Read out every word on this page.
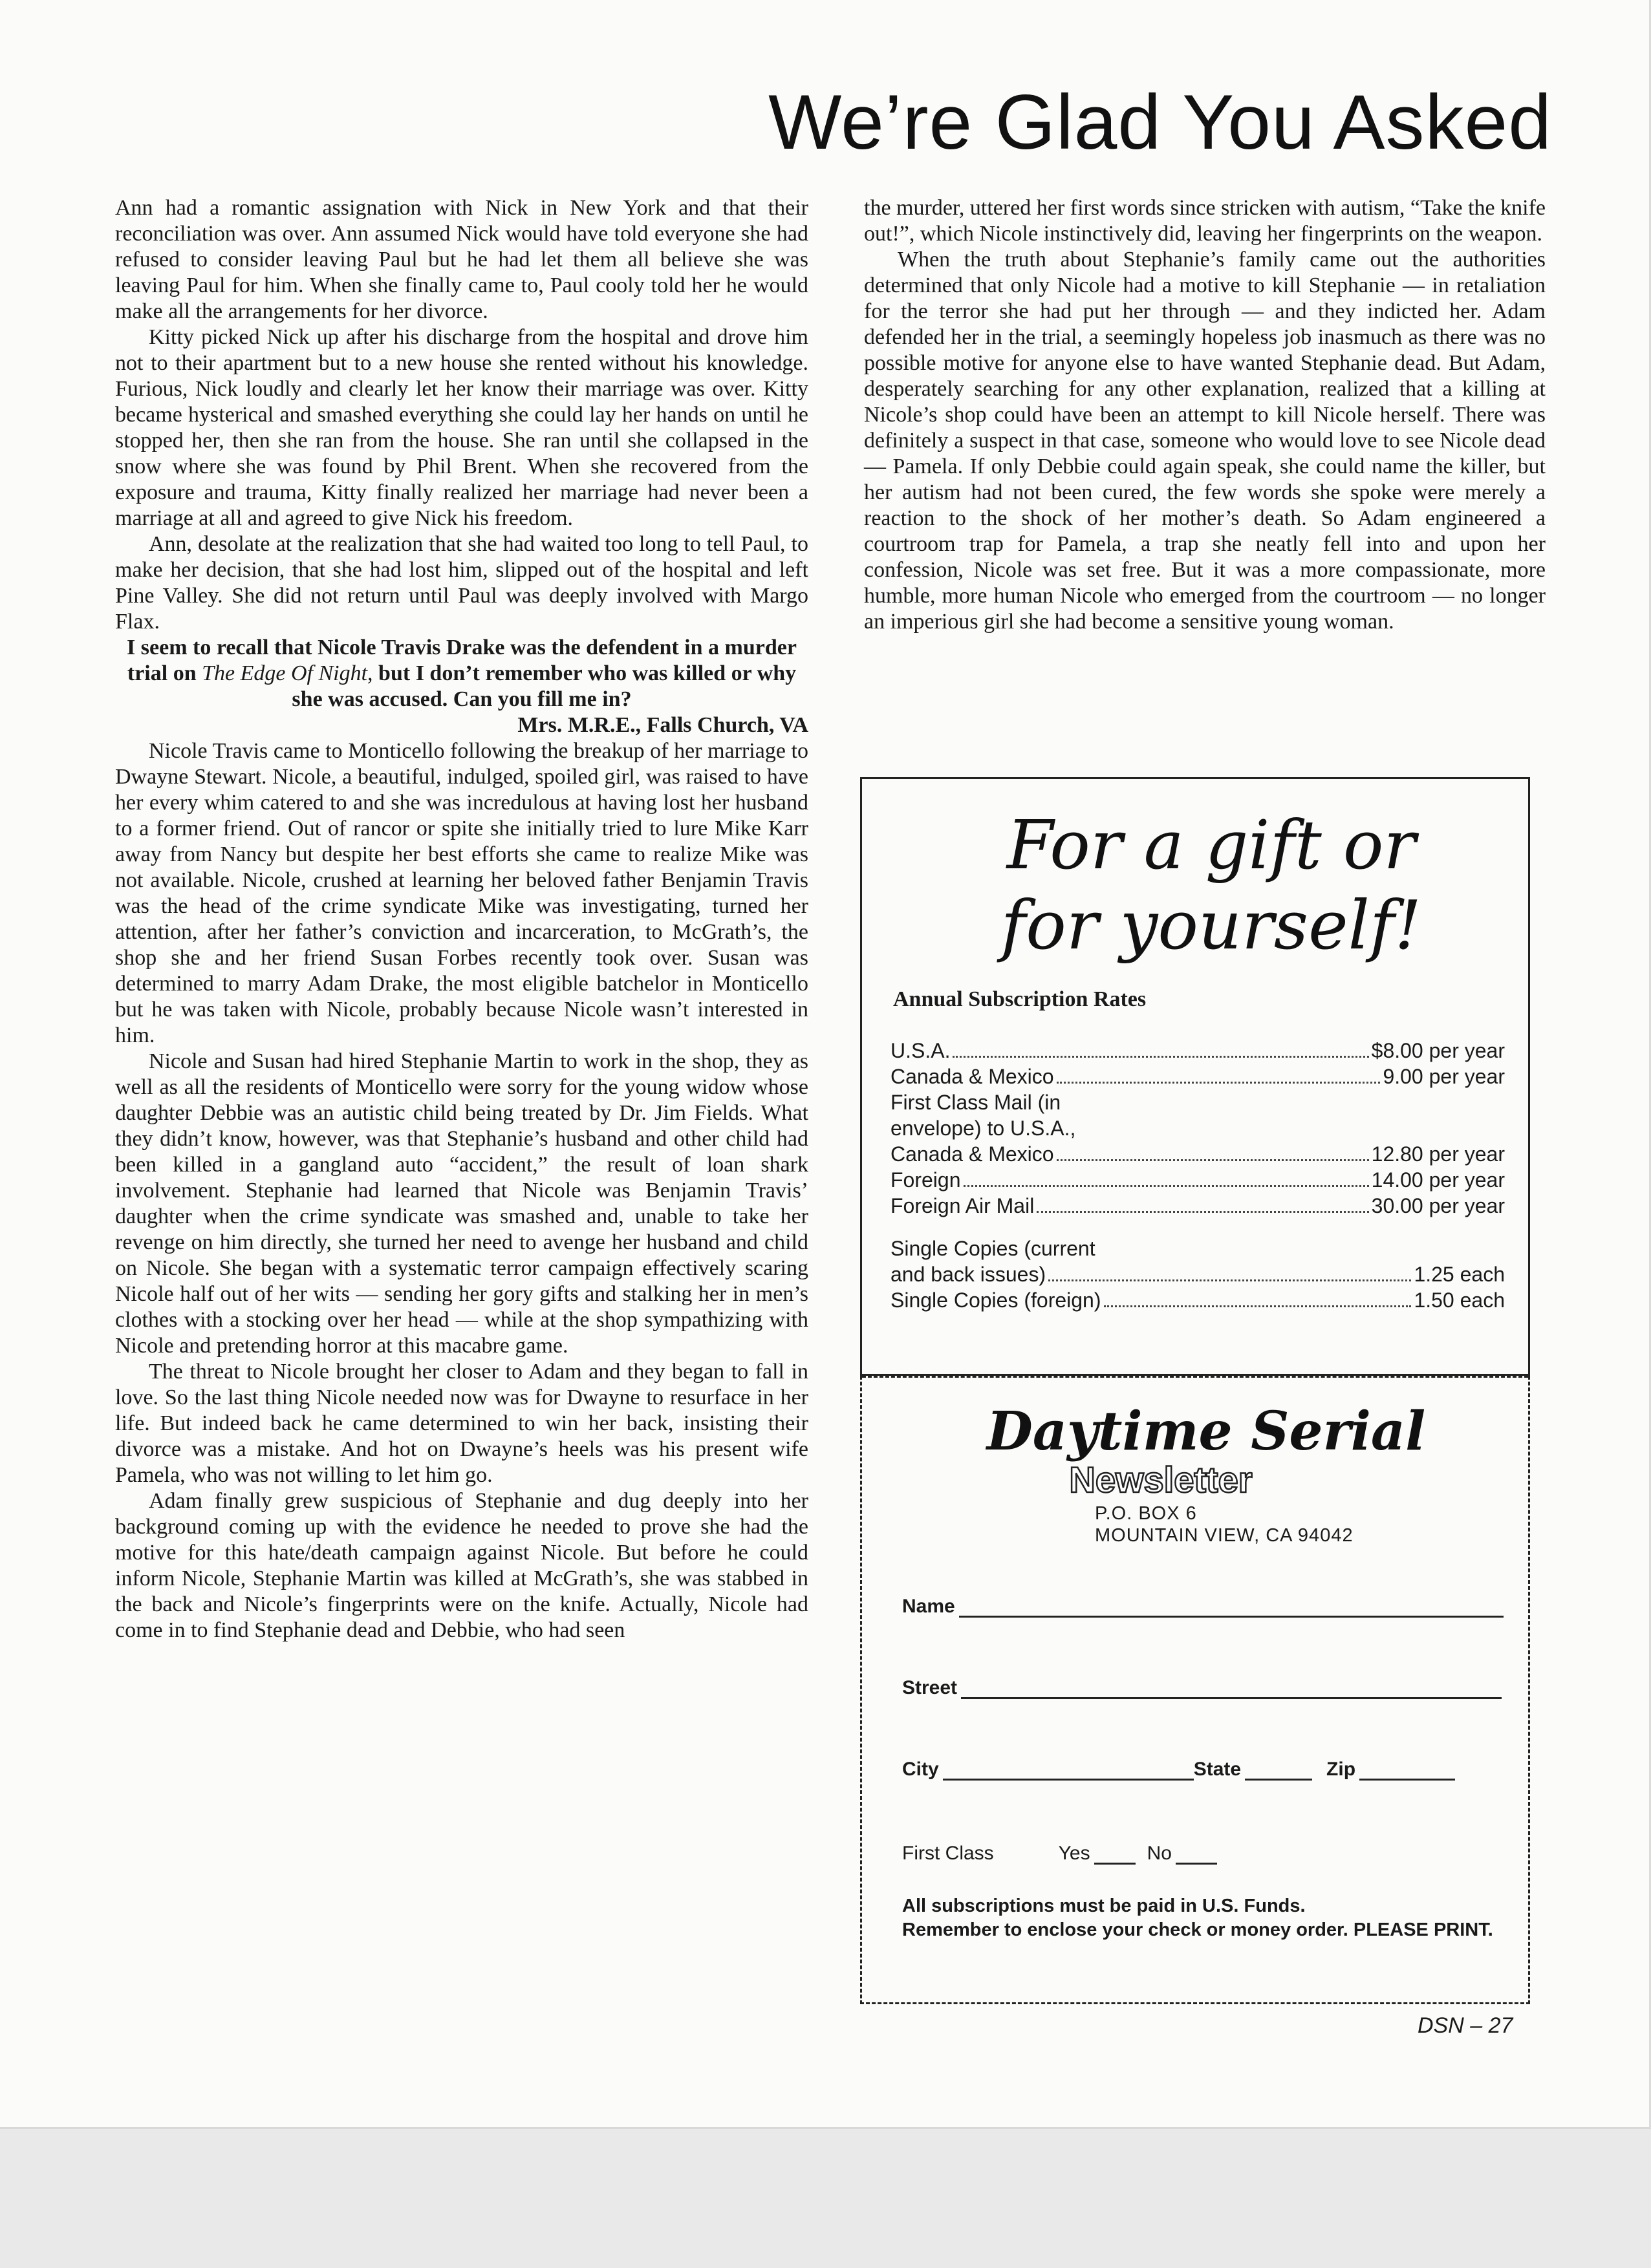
We’re Glad You Asked

Ann had a romantic assignation with Nick in New York and that their reconciliation was over. Ann assumed Nick would have told everyone she had refused to consider leaving Paul but he had let them all believe she was leaving Paul for him. When she finally came to, Paul cooly told her he would make all the arrangements for her divorce.

Kitty picked Nick up after his discharge from the hospital and drove him not to their apartment but to a new house she rented without his knowledge. Furious, Nick loudly and clearly let her know their marriage was over. Kitty became hysterical and smashed everything she could lay her hands on until he stopped her, then she ran from the house. She ran until she collapsed in the snow where she was found by Phil Brent. When she recovered from the exposure and trauma, Kitty finally realized her marriage had never been a marriage at all and agreed to give Nick his freedom.

Ann, desolate at the realization that she had waited too long to tell Paul, to make her decision, that she had lost him, slipped out of the hospital and left Pine Valley. She did not return until Paul was deeply involved with Margo Flax.

I seem to recall that Nicole Travis Drake was the defendent in a murder trial on The Edge Of Night, but I don’t remember who was killed or why she was accused. Can you fill me in?

Mrs. M.R.E., Falls Church, VA

Nicole Travis came to Monticello following the breakup of her marriage to Dwayne Stewart. Nicole, a beautiful, indulged, spoiled girl, was raised to have her every whim catered to and she was incredulous at having lost her husband to a former friend. Out of rancor or spite she initially tried to lure Mike Karr away from Nancy but despite her best efforts she came to realize Mike was not available. Nicole, crushed at learning her beloved father Benjamin Travis was the head of the crime syndicate Mike was investigating, turned her attention, after her father’s conviction and incarceration, to McGrath’s, the shop she and her friend Susan Forbes recently took over. Susan was determined to marry Adam Drake, the most eligible batchelor in Monticello but he was taken with Nicole, probably because Nicole wasn’t interested in him.

Nicole and Susan had hired Stephanie Martin to work in the shop, they as well as all the residents of Monticello were sorry for the young widow whose daughter Debbie was an autistic child being treated by Dr. Jim Fields. What they didn’t know, however, was that Stephanie’s husband and other child had been killed in a gangland auto “accident,” the result of loan shark involvement. Stephanie had learned that Nicole was Benjamin Travis’ daughter when the crime syndicate was smashed and, unable to take her revenge on him directly, she turned her need to avenge her husband and child on Nicole. She began with a systematic terror campaign effectively scaring Nicole half out of her wits — sending her gory gifts and stalking her in men’s clothes with a stocking over her head — while at the shop sympathizing with Nicole and pretending horror at this macabre game.

The threat to Nicole brought her closer to Adam and they began to fall in love. So the last thing Nicole needed now was for Dwayne to resurface in her life. But indeed back he came determined to win her back, insisting their divorce was a mistake. And hot on Dwayne’s heels was his present wife Pamela, who was not willing to let him go.

Adam finally grew suspicious of Stephanie and dug deeply into her background coming up with the evidence he needed to prove she had the motive for this hate/death campaign against Nicole. But before he could inform Nicole, Stephanie Martin was killed at McGrath’s, she was stabbed in the back and Nicole’s fingerprints were on the knife. Actually, Nicole had come in to find Stephanie dead and Debbie, who had seen

the murder, uttered her first words since stricken with autism, “Take the knife out!”, which Nicole instinctively did, leaving her fingerprints on the weapon.

When the truth about Stephanie’s family came out the authorities determined that only Nicole had a motive to kill Stephanie — in retaliation for the terror she had put her through — and they indicted her. Adam defended her in the trial, a seemingly hopeless job inasmuch as there was no possible motive for anyone else to have wanted Stephanie dead. But Adam, desperately searching for any other explanation, realized that a killing at Nicole’s shop could have been an attempt to kill Nicole herself. There was definitely a suspect in that case, someone who would love to see Nicole dead — Pamela. If only Debbie could again speak, she could name the killer, but her autism had not been cured, the few words she spoke were merely a reaction to the shock of her mother’s death. So Adam engineered a courtroom trap for Pamela, a trap she neatly fell into and upon her confession, Nicole was set free. But it was a more compassionate, more humble, more human Nicole who emerged from the courtroom — no longer an imperious girl she had become a sensitive young woman.

For a gift or
for yourself!
Annual Subscription Rates
U.S.A.	$8.00 per year
Canada & Mexico	9.00 per year
First Class Mail (in
envelope) to U.S.A.,
Canada & Mexico	12.80 per year
Foreign	14.00 per year
Foreign Air Mail	30.00 per year
Single Copies (current
and back issues)	1.25 each
Single Copies (foreign)	1.50 each
Daytime Serial
Newsletter
P.O. BOX 6
MOUNTAIN VIEW, CA 94042
Name
Street
City	State	Zip
First Class	Yes	No
All subscriptions must be paid in U.S. Funds.
Remember to enclose your check or money order. PLEASE PRINT.
DSN – 27
